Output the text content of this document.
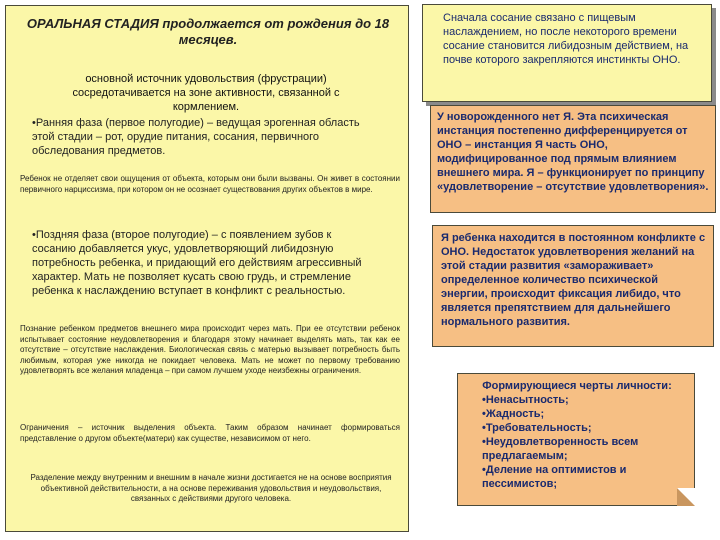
ОРАЛЬНАЯ СТАДИЯ продолжается от рождения до 18 месяцев.
основной источник удовольствия (фрустрации) сосредотачивается на зоне активности, связанной с кормлением.
•Ранняя фаза (первое полугодие) – ведущая эрогенная область этой стадии – рот, орудие питания, сосания, первичного обследования предметов.
Ребенок не отделяет свои ощущения от объекта, которым они были вызваны. Он живет в состоянии первичного нарциссизма, при котором он не осознает существования других объектов в мире.
•Поздняя фаза (второе полугодие) – с появлением зубов к сосанию добавляется укус, удовлетворяющий либидозную потребность ребенка, и придающий его действиям агрессивный характер. Мать не позволяет кусать свою грудь, и стремление ребенка к наслаждению вступает в конфликт с реальностью.
Познание ребенком предметов внешнего мира происходит через мать. При ее отсутствии ребенок испытывает состояние неудовлетворения и благодаря этому начинает выделять мать, так как ее отсутствие – отсутствие наслаждения. Биологическая связь с матерью вызывает потребность быть любимым, которая уже никогда не покидает человека. Мать не может по первому требованию удовлетворять все желания младенца – при самом лучшем уходе неизбежны ограничения.
Ограничения – источник выделения объекта. Таким образом начинает формироваться представление о другом объекте(матери) как существе, независимом от него.
Разделение между внутренним и внешним в начале жизни достигается не на основе восприятия объективной действительности, а на основе переживания удовольствия и неудовольствия, связанных с действиями другого человека.
Сначала сосание связано с пищевым наслаждением, но после некоторого времени сосание становится либидозным действием, на почве которого закрепляются инстинкты ОНО.
У новорожденного нет Я. Эта психическая инстанция постепенно дифференцируется от ОНО – инстанция Я часть ОНО, модифицированное под прямым влиянием внешнего мира. Я – функционирует по принципу «удовлетворение – отсутствие удовлетворения».
Я ребенка находится в постоянном конфликте с ОНО. Недостаток удовлетворения желаний на этой стадии развития «замораживает» определенное количество психической энергии, происходит фиксация либидо, что является препятствием для дальнейшего нормального развития.
Формирующиеся черты личности:
•Ненасытность;
•Жадность;
•Требовательность;
•Неудовлетворенность всем предлагаемым;
•Деление на оптимистов и пессимистов;
